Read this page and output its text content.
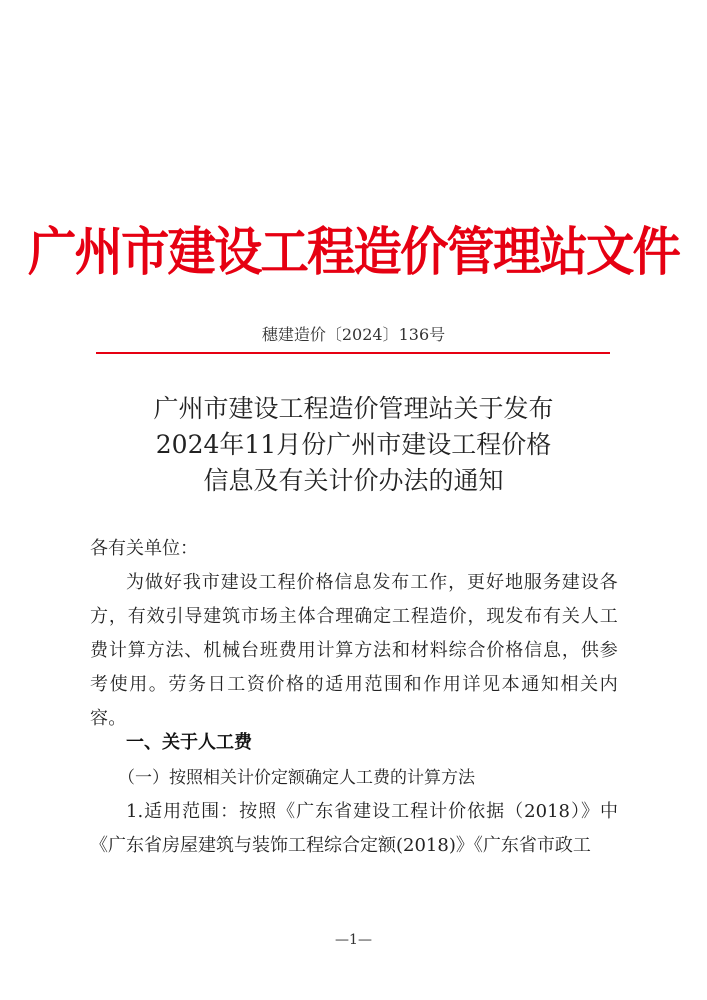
广州市建设工程造价管理站文件
穗建造价〔2024〕136号
广州市建设工程造价管理站关于发布
2024年11月份广州市建设工程价格
信息及有关计价办法的通知
各有关单位：
为做好我市建设工程价格信息发布工作，更好地服务建设各方，有效引导建筑市场主体合理确定工程造价，现发布有关人工费计算方法、机械台班费用计算方法和材料综合价格信息，供参考使用。劳务日工资价格的适用范围和作用详见本通知相关内容。
一、关于人工费
（一）按照相关计价定额确定人工费的计算方法
1.适用范围：按照《广东省建设工程计价依据（2018）》中《广东省房屋建筑与装饰工程综合定额(2018)》《广东省市政工
—1—
